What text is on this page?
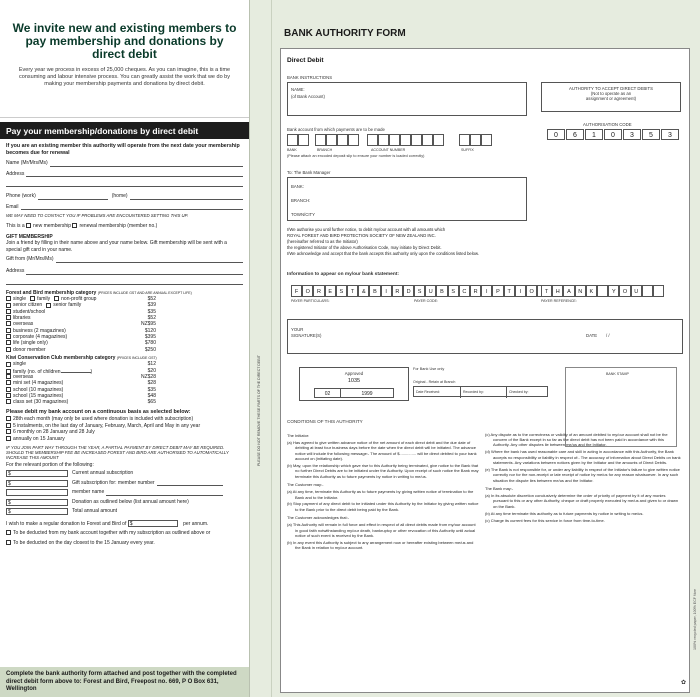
We invite new and existing members to pay membership and donations by direct debit

Every year we process in excess of 25,000 cheques. As you can imagine, this is a time consuming and labour intensive process. You can greatly assist the work that we do by making your membership payments and donations by direct debit.

Pay your membership/donations by direct debit
If you are an existing member this authority will operate from the next date your membership becomes due for renewal
Name (Mr/Mrs/Ms)
Address
Phone (work)	(home)
Email
WE MAY NEED TO CONTACT YOU IF PROBLEMS ARE ENCOUNTERED SETTING THIS UP.
This is a new membership renewal membership (member no.)
GIFT MEMBERSHIP
Join a friend by filling in their name above and your name below. Gift membership will be sent with a special gift card in your name.
Gift from (Mr/Mrs/Ms)
Address
Forest and Bird membership category (PRICES INCLUDE GST AND ARE ANNUAL EXCEPT LIFE)
single family non-profit group	$52
senior citizen senior family	$39
student/school	$35
libraries	$52
overseas	NZ$95
business (2 magazines)	$120
corporate (4 magazines)	$395
life (single only)	$780
donor member	$250
Kiwi Conservation Club membership category (PRICES INCLUDE GST)
single	$12
family (no. of children	)	$20
overseas	NZ$28
mini set (4 magazines)	$28
school (10 magazines)	$35
school (15 magazines)	$48
class set (30 magazines)	$65
Please debit my bank account on a continuous basis as selected below:
28th each month (may only be used where donation is included with subscription)
5 instalments, on the last day of January, February, March, April and May in any year
6 monthly on 28 January and 28 July
annually on 15 January
IF YOU JOIN PART WAY THROUGH THE YEAR, A PARTIAL PAYMENT BY DIRECT DEBIT MAY BE REQUIRED. SHOULD THE MEMBERSHIP FEE BE INCREASED FOREST AND BIRD ARE AUTHORISED TO AUTOMATICALLY INCREASE THIS AMOUNT
For the relevant portion of the following:
$	Current annual subscription
$	Gift subscription for: member number
member name
$	Donation as outlined below (list annual amount here)
$	Total annual amount
I wish to make a regular donation to Forest and Bird of $	per annum.
To be deducted from my bank account together with my subscription as outlined above or
To be deducted on the day closest to the 15 January every year.
Complete the bank authority form attached and post together with the completed direct debit form above to: Forest and Bird, Freepost no. 669, P O Box 631, Wellington
PLEASE DO NOT REMOVE THESE PARTS OF THE DIRECT DEBIT
BANK AUTHORITY FORM
Direct Debit
BANK INSTRUCTIONS
NAME:
(of Bank Account)
AUTHORITY TO ACCEPT DIRECT DEBITS
(Not to operate as an
assignment or agreement)
AUTHORISATION CODE
Bank account from which payments are to be made
BANK	BRANCH	ACCOUNT NUMBER	SUFFIX
(Please attach an encoded deposit slip to ensure your number is loaded correctly)
To: The Bank Manager
BANK:
BRANCH:
TOWN/CITY
I/We authorise you until further notice, to debit my/our account with all amounts which
ROYAL FOREST AND BIRD PROTECTION SOCIETY OF NEW ZEALAND INC.
(hereinafter referred to as the Initiator)
the registered Initiator of the above Authorisation Code, may initiate by Direct Debit.
I/We acknowledge and accept that the bank accepts this authority only upon the conditions listed below.
Information to appear on my/our bank statement:
PAYER PARTICULARS:	PAYER CODE:	PAYER REFERENCE:
YOUR
SIGNATURE(S)	DATE / /
Approved
1035
02	1999
For Bank Use only
Original - Retain at Branch
Date Received:	Recorded by:	Checked by:
BANK STAMP
CONDITIONS OF THIS AUTHORITY
The Initiator:
(a) Has agreed to give written advance notice of the net amount of each direct debit and the due date of debiting at least four business days before the date when the direct debit will be initiated. The advance notice will include the following message:- The amount of $............... will be direct debited to your bank account on (initiating date).
(b) May, upon the relationship which gave rise to this Authority being terminated, give notice to the Bank that no further Direct Debits are to be initiated under the Authority. Upon receipt of such notice the Bank may terminate this Authority as to future payments by notice in writing to me/us.
The Customer may:-
(a) At any time, terminate this Authority as to future payments by giving written notice of termination to the Bank and to the Initiator.
(b) Stop payment of any direct debit to be initiated under this Authority by the Initiator by giving written notice to the Bank prior to the direct debit being paid by the Bank.
The Customer acknowledges that:-
(a) This Authority will remain in full force and effect in respect of all direct debits made from my/our account in good faith notwithstanding my/our death, bankruptcy or other revocation of this Authority until actual notice of such event is received by the Bank.
(b) In any event this Authority is subject to any arrangement now or hereafter existing between me/us and the Bank in relation to my/our account.
(c) Any dispute as to the correctness or validity of an amount debited to my/our account shall not be the concern of the Bank except in so far as the direct debit has not been paid in accordance with this Authority. Any other disputes lie between me/us and the Initiator.
(d) Where the bank has used reasonable care and skill in acting in accordance with this Authority, the Bank accepts no responsibility or liability in respect of:- The accuracy of information about Direct Debits on bank statements. Any variations between notices given by the Initiator and the amounts of Direct Debits.
(e) The Bank is not responsible for, or under any liability in respect of the Initiator's failure to give written notice correctly nor for the non-receipt or late receipt of notice by me/us for any reason whatsoever. In any such situation the dispute lies between me/us and the Initiator.
The Bank may:-
(a) In its absolute discretion conclusively determine the order of priority of payment by it of any monies pursuant to this or any other Authority, cheque or draft properly executed by me/us and given to or drawn on the Bank.
(b) At any time terminate this authority as to future payments by notice in writing to me/us.
(c) Charge its current fees for this service in force from time-to-time.
100% recycled paper, 100% ECF fibre
✿
0	6	1	0	3	5	3
F	O	R	E	S	T	&	B	I	R	D	S	U	B	S	C	R	I	P	T	I	O	T	H	A	N	K	Y	O	U
